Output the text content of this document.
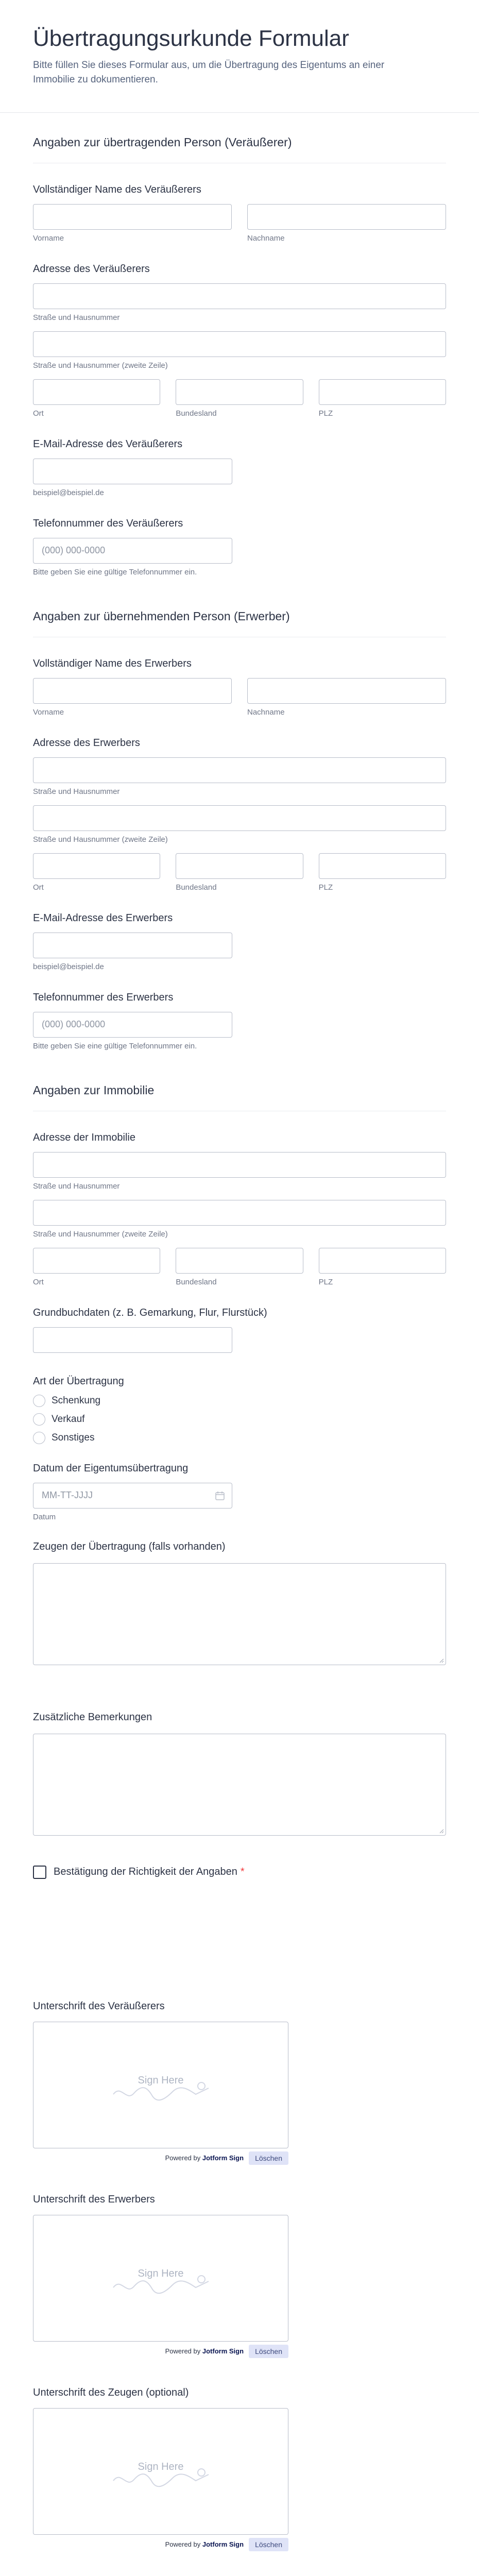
Übertragungsurkunde Formular

Bitte füllen Sie dieses Formular aus, um die Übertragung des Eigentums an einer Immobilie zu dokumentieren.

Angaben zur übertragenden Person (Veräußerer)
Vollständiger Name des Veräußerers
Vorname	Nachname
Adresse des Veräußerers
Straße und Hausnummer
Straße und Hausnummer (zweite Zeile)
Ort	Bundesland	PLZ
E-Mail-Adresse des Veräußerers
beispiel@beispiel.de
Telefonnummer des Veräußerers
(000) 000-0000
Bitte geben Sie eine gültige Telefonnummer ein.
Angaben zur übernehmenden Person (Erwerber)
Vollständiger Name des Erwerbers
Vorname	Nachname
Adresse des Erwerbers
Straße und Hausnummer
Straße und Hausnummer (zweite Zeile)
Ort	Bundesland	PLZ
E-Mail-Adresse des Erwerbers
beispiel@beispiel.de
Telefonnummer des Erwerbers
(000) 000-0000
Bitte geben Sie eine gültige Telefonnummer ein.
Angaben zur Immobilie
Adresse der Immobilie
Straße und Hausnummer
Straße und Hausnummer (zweite Zeile)
Ort	Bundesland	PLZ
Grundbuchdaten (z. B. Gemarkung, Flur, Flurstück)
Art der Übertragung
Schenkung
Verkauf
Sonstiges
Datum der Eigentumsübertragung
MM-TT-JJJJ
Datum
Zeugen der Übertragung (falls vorhanden)
Zusätzliche Bemerkungen
Bestätigung der Richtigkeit der Angaben *
Unterschrift des Veräußerers
Sign Here
Powered by Jotform Sign	Löschen
Unterschrift des Erwerbers
Sign Here
Powered by Jotform Sign	Löschen
Unterschrift des Zeugen (optional)
Sign Here
Powered by Jotform Sign	Löschen
